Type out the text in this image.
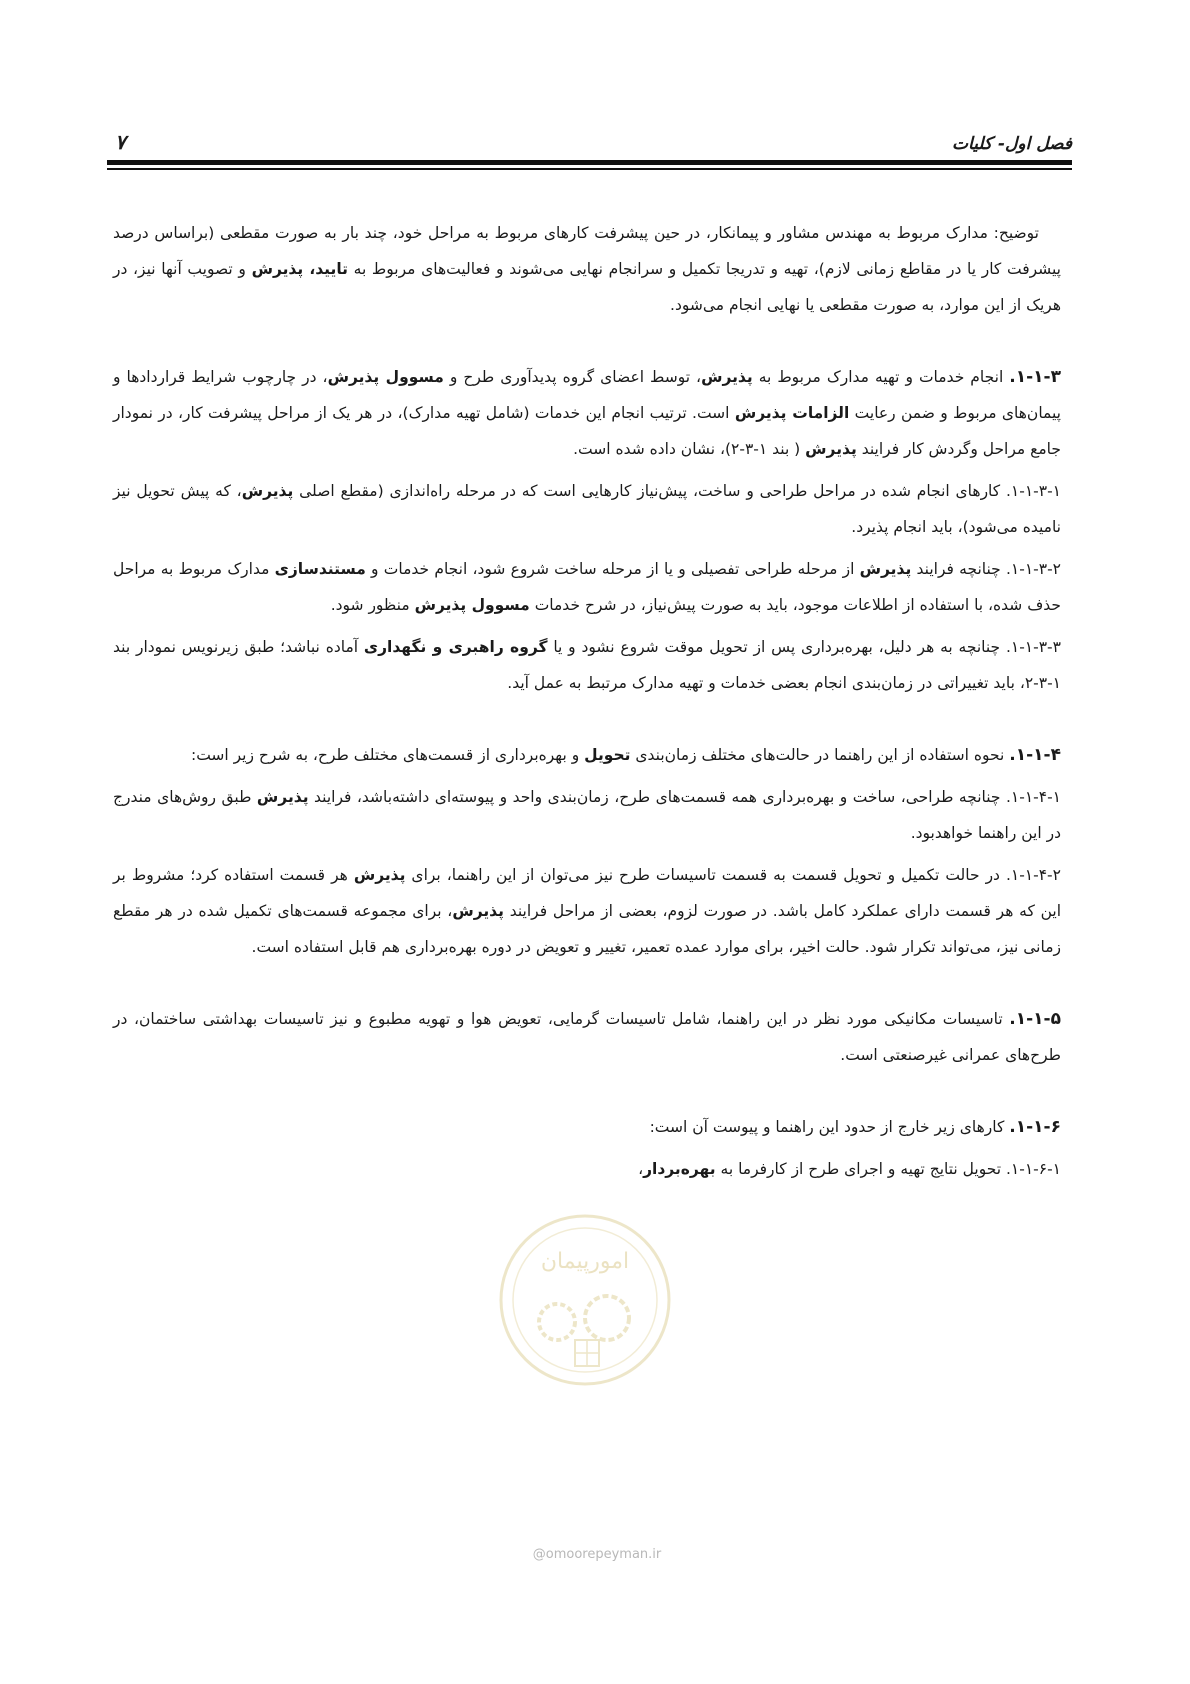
فصل اول- کلیات
۷

توضیح: مدارک مربوط به مهندس مشاور و پیمانکار، در حین پیشرفت کارهای مربوط به مراحل خود، چند بار به صورت مقطعی (براساس درصد پیشرفت کار یا در مقاطع زمانی لازم)، تهیه و تدریجا تکمیل و سرانجام نهایی می‌شوند و فعالیت‌های مربوط به تایید، پذیرش و تصویب آنها نیز، در هریک از این موارد، به صورت مقطعی یا نهایی انجام می‌شود.

۱-۱-۳. انجام خدمات و تهیه مدارک مربوط به پذیرش، توسط اعضای گروه پدیدآوری طرح و مسوول پذیرش، در چارچوب شرایط قراردادها و پیمان‌های مربوط و ضمن رعایت الزامات پذیرش است. ترتیب انجام این خدمات (شامل تهیه مدارک)، در هر یک از مراحل پیشرفت کار، در نمودار جامع مراحل وگردش کار فرایند پذیرش ( بند ۱-۳-۲)، نشان داده شده است.

۱-۱-۳-۱. کارهای انجام شده در مراحل طراحی و ساخت، پیش‌نیاز کارهایی است که در مرحله راه‌اندازی (مقطع اصلی پذیرش، که پیش تحویل نیز نامیده می‌شود)، باید انجام پذیرد.

۱-۱-۳-۲. چنانچه فرایند پذیرش از مرحله طراحی تفصیلی و یا از مرحله ساخت شروع شود، انجام خدمات و مستندسازی مدارک مربوط به مراحل حذف شده، با استفاده از اطلاعات موجود، باید به صورت پیش‌نیاز، در شرح خدمات مسوول پذیرش منظور شود.

۱-۱-۳-۳. چنانچه به هر دلیل، بهره‌برداری پس از تحویل موقت شروع نشود و یا گروه راهبری و نگهداری آماده نباشد؛ طبق زیرنویس نمودار بند ۱-۳-۲، باید تغییراتی در زمان‌بندی انجام بعضی خدمات و تهیه مدارک مرتبط به عمل آید.

۱-۱-۴. نحوه استفاده از این راهنما در حالت‌های مختلف زمان‌بندی تحویل و بهره‌برداری از قسمت‌های مختلف طرح، به شرح زیر است:

۱-۱-۴-۱. چنانچه طراحی، ساخت و بهره‌برداری همه قسمت‌های طرح، زمان‌بندی واحد و پیوسته‌ای داشته‌باشد، فرایند پذیرش طبق روش‌های مندرج در این راهنما خواهدبود.

۱-۱-۴-۲. در حالت تکمیل و تحویل قسمت به قسمت تاسیسات طرح نیز می‌توان از این راهنما، برای پذیرش هر قسمت استفاده کرد؛ مشروط بر این که هر قسمت دارای عملکرد کامل باشد. در صورت لزوم، بعضی از مراحل فرایند پذیرش، برای مجموعه قسمت‌های تکمیل شده در هر مقطع زمانی نیز، می‌تواند تکرار شود. حالت اخیر، برای موارد عمده تعمیر، تغییر و تعویض در دوره بهره‌برداری هم قابل استفاده است.

۱-۱-۵. تاسیسات مکانیکی مورد نظر در این راهنما، شامل تاسیسات گرمایی، تعویض هوا و تهویه مطبوع و نیز تاسیسات بهداشتی ساختمان، در طرح‌های عمرانی غیرصنعتی است.

۱-۱-۶. کارهای زیر خارج از حدود این راهنما و پیوست آن است:

۱-۱-۶-۱. تحویل نتایج تهیه و اجرای طرح از کارفرما به بهره‌بردار،

امورپیمان
@omoorepeyman.ir
